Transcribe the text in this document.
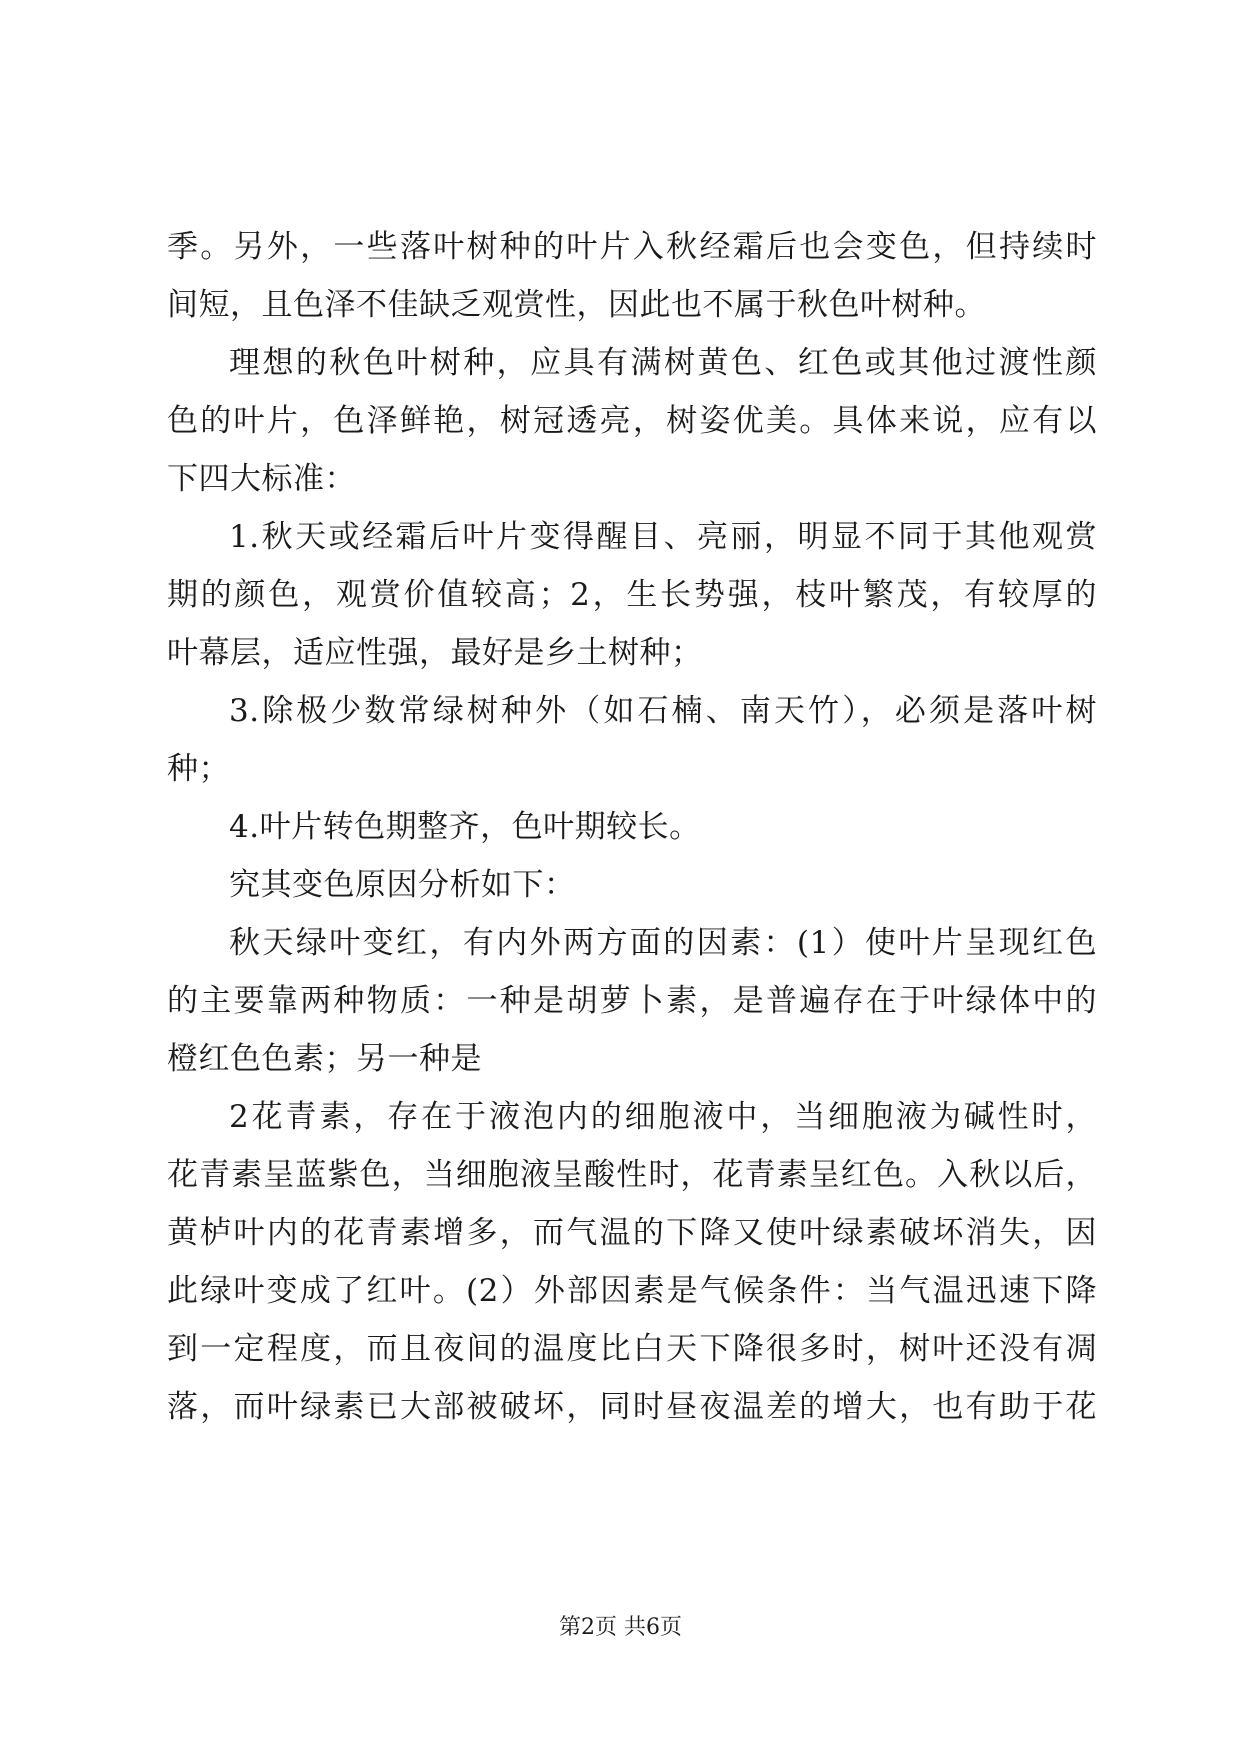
季。另外，一些落叶树种的叶片入秋经霜后也会变色，但持续时
间短，且色泽不佳缺乏观赏性，因此也不属于秋色叶树种。
理想的秋色叶树种，应具有满树黄色、红色或其他过渡性颜
色的叶片，色泽鲜艳，树冠透亮，树姿优美。具体来说，应有以
下四大标准：
1.秋天或经霜后叶片变得醒目、亮丽，明显不同于其他观赏
期的颜色，观赏价值较高；2，生长势强，枝叶繁茂，有较厚的
叶幕层，适应性强，最好是乡土树种；
3.除极少数常绿树种外（如石楠、南天竹），必须是落叶树
种；
4.叶片转色期整齐，色叶期较长。
究其变色原因分析如下：
秋天绿叶变红，有内外两方面的因素：(1）使叶片呈现红色
的主要靠两种物质：一种是胡萝卜素，是普遍存在于叶绿体中的
橙红色色素；另一种是
2花青素，存在于液泡内的细胞液中，当细胞液为碱性时，
花青素呈蓝紫色，当细胞液呈酸性时，花青素呈红色。入秋以后，
黄栌叶内的花青素增多，而气温的下降又使叶绿素破坏消失，因
此绿叶变成了红叶。(2）外部因素是气候条件：当气温迅速下降
到一定程度，而且夜间的温度比白天下降很多时，树叶还没有凋
落，而叶绿素已大部被破坏，同时昼夜温差的增大，也有助于花
第2页 共6页
